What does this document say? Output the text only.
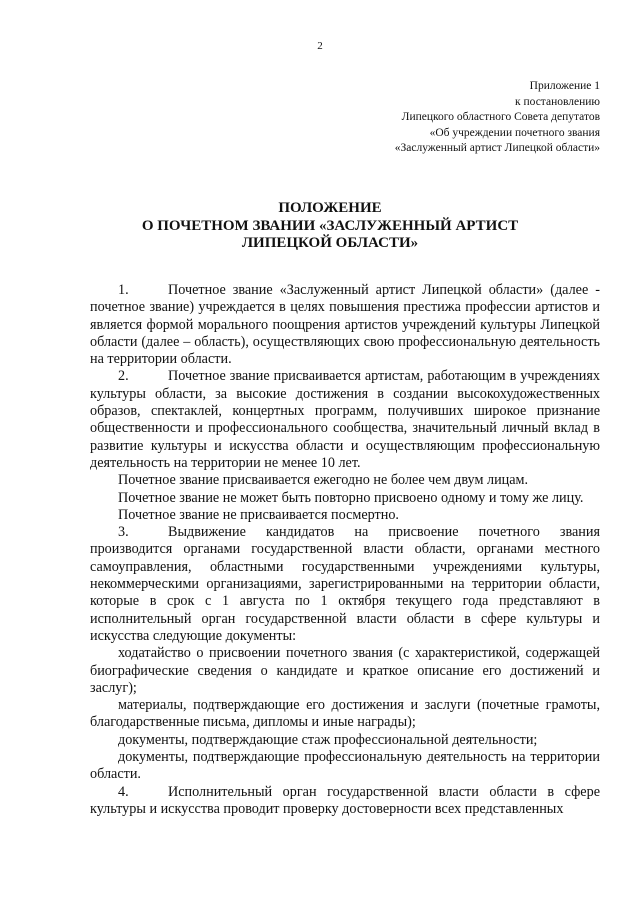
2
Приложение 1
к постановлению
Липецкого областного Совета депутатов
«Об учреждении почетного звания
«Заслуженный артист Липецкой области»
ПОЛОЖЕНИЕ
О ПОЧЕТНОМ ЗВАНИИ «ЗАСЛУЖЕННЫЙ АРТИСТ
ЛИПЕЦКОЙ ОБЛАСТИ»

1.	Почетное звание «Заслуженный артист Липецкой области» (далее - почетное звание) учреждается в целях повышения престижа профессии артистов и является формой морального поощрения артистов учреждений культуры Липецкой области (далее – область), осуществляющих свою профессиональную деятельность на территории области.

2.	Почетное звание присваивается артистам, работающим в учреждениях культуры области, за высокие достижения в создании высокохудожественных образов, спектаклей, концертных программ, получивших широкое признание общественности и профессионального сообщества, значительный личный вклад в развитие культуры и искусства области и осуществляющим профессиональную деятельность на территории не менее 10 лет.

Почетное звание присваивается ежегодно не более чем двум лицам.

Почетное звание не может быть повторно присвоено одному и тому же лицу.

Почетное звание не присваивается посмертно.

3.	Выдвижение кандидатов на присвоение почетного звания производится органами государственной власти области, органами местного самоуправления, областными государственными учреждениями культуры, некоммерческими организациями, зарегистрированными на территории области, которые в срок с 1 августа по 1 октября текущего года представляют в исполнительный орган государственной власти области в сфере культуры и искусства следующие документы:

ходатайство о присвоении почетного звания (с характеристикой, содержащей биографические сведения о кандидате и краткое описание его достижений и заслуг);

материалы, подтверждающие его достижения и заслуги (почетные грамоты, благодарственные письма, дипломы и иные награды);

документы, подтверждающие стаж профессиональной деятельности;

документы, подтверждающие профессиональную деятельность на территории области.

4.	Исполнительный орган государственной власти области в сфере культуры и искусства проводит проверку достоверности всех представленных
